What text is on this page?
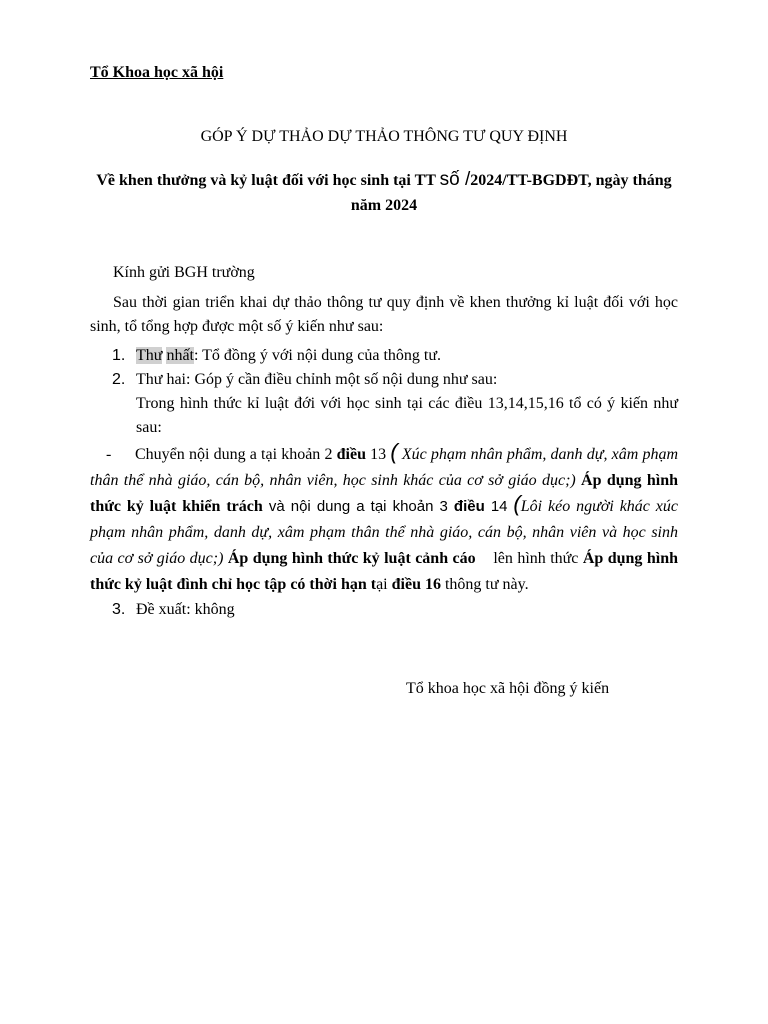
Tổ Khoa học xã hội
GÓP Ý DỰ THẢO DỰ THẢO THÔNG TƯ QUY ĐỊNH
Về khen thưởng và kỷ luật đối với học sinh tại TT số /2024/TT-BGDĐT, ngày tháng năm 2024

Kính gửi BGH trường

Sau thời gian triển khai dự thảo thông tư quy định về khen thưởng kỉ luật đối với học sinh, tổ tổng hợp được một số ý kiến như sau:

1. Thư nhất: Tổ đồng ý với nội dung của thông tư.
2. Thư hai: Góp ý cần điều chỉnh một số nội dung như sau:
Trong hình thức kỉ luật đới với học sinh tại các điều 13,14,15,16 tổ có ý kiến như sau:

- Chuyển nội dung a tại khoản 2 điều 13 ( Xúc phạm nhân phẩm, danh dự, xâm phạm thân thể nhà giáo, cán bộ, nhân viên, học sinh khác của cơ sở giáo dục;) Áp dụng hình thức kỷ luật khiển trách và nội dung a tại khoản 3 điều 14 (Lôi kéo người khác xúc phạm nhân phẩm, danh dự, xâm phạm thân thể nhà giáo, cán bộ, nhân viên và học sinh của cơ sở giáo dục;) Áp dụng hình thức kỷ luật cảnh cáo    lên hình thức Áp dụng hình thức kỷ luật đình chỉ học tập có thời hạn tại điều 16 thông tư này.

3. Đề xuất: không
Tổ khoa học xã hội đồng ý kiến
